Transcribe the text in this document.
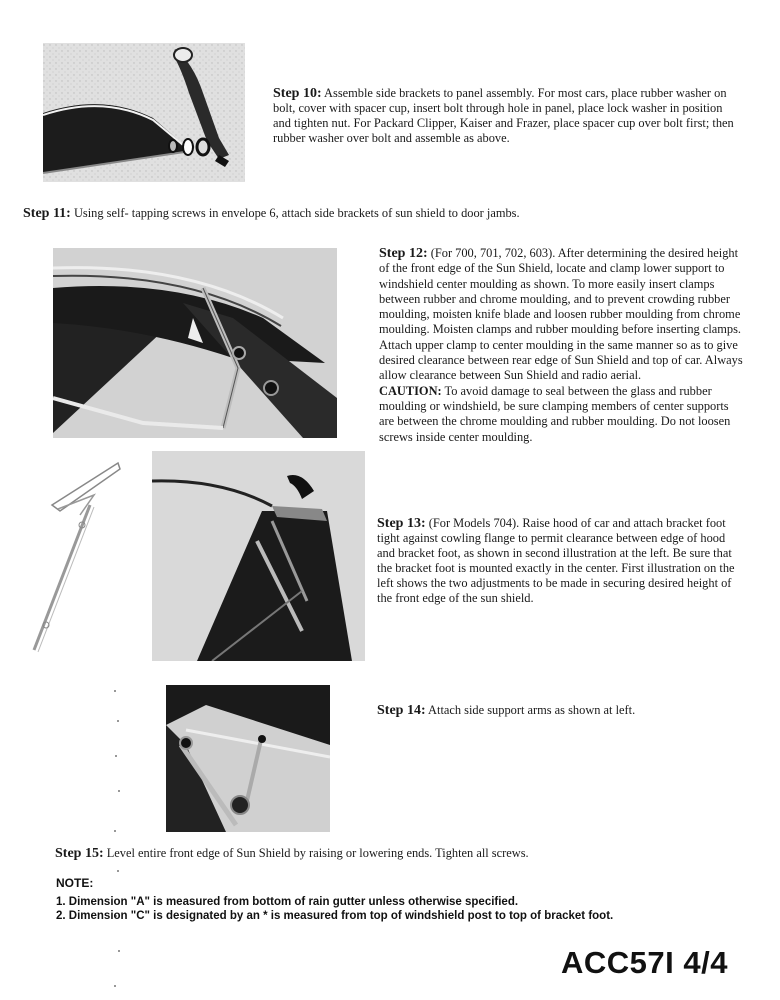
Step 10: Assemble side brackets to panel assembly. For most cars, place rubber washer on bolt, cover with spacer cup, insert bolt through hole in panel, place lock washer in position and tighten nut. For Packard Clipper, Kaiser and Frazer, place spacer cup over bolt first; then rubber washer over bolt and assemble as above.
Step 11: Using self- tapping screws in envelope 6, attach side brackets of sun shield to door jambs.
Step 12: (For 700, 701, 702, 603). After determining the desired height of the front edge of the Sun Shield, locate and clamp lower support to windshield center moulding as shown. To more easily insert clamps between rubber and chrome moulding, and to prevent crowding rubber moulding, moisten knife blade and loosen rubber moulding from chrome moulding. Moisten clamps and rubber moulding before inserting clamps. Attach upper clamp to center moulding in the same manner so as to give desired clearance between rear edge of Sun Shield and top of car. Always allow clearance between Sun Shield and radio aerial.
CAUTION: To avoid damage to seal between the glass and rubber moulding or windshield, be sure clamping members of center supports are between the chrome moulding and rubber moulding. Do not loosen screws inside center moulding.
Step 13: (For Models 704). Raise hood of car and attach bracket foot tight against cowling flange to permit clearance between edge of hood and bracket foot, as shown in second illustration at the left. Be sure that the bracket foot is mounted exactly in the center. First illustration on the left shows the two adjustments to be made in securing desired height of the front edge of the sun shield.
Step 14: Attach side support arms as shown at left.
Step 15: Level entire front edge of Sun Shield by raising or lowering ends. Tighten all screws.
NOTE:
1. Dimension "A" is measured from bottom of rain gutter unless otherwise specified.
2. Dimension "C" is designated by an * is measured from top of windshield post to top of bracket foot.
ACC57I 4/4
